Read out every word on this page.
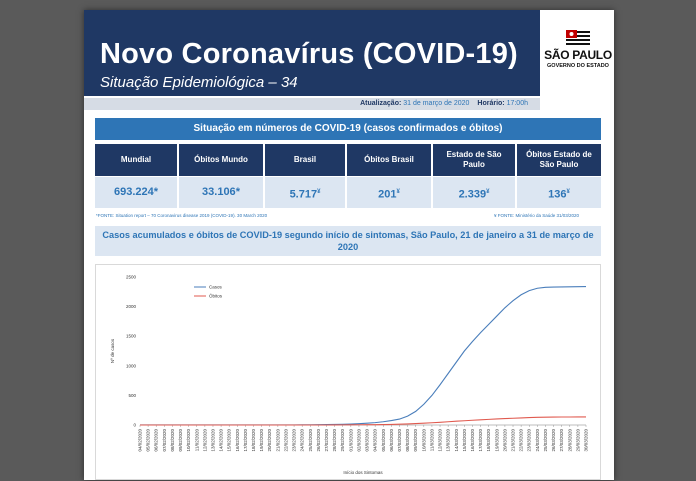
Novo Coronavírus (COVID-19)
Situação Epidemiológica – 34
SÃO PAULO
GOVERNO DO ESTADO
Atualização: 31 de março de 2020 Horário: 17:00h
Situação em números de COVID-19 (casos confirmados e óbitos)
Mundial
693.224*
Óbitos Mundo
33.106*
Brasil
5.717¥
Óbitos Brasil
201¥
Estado de São Paulo
2.339¥
Óbitos Estado de São Paulo
136¥
*FONTE: Situation report – 70 Coronavirus disease 2019 (COVID-19). 30 March 2020	¥ FONTE: Ministério da Saúde 31/03/2020
Casos acumulados e óbitos de COVID-19 segundo início de sintomas, São Paulo, 21 de janeiro a 31 de março de 2020
0
500
1000
1500
2000
2500
Nº de casos
04/02/2020 05/02/2020 06/02/2020 07/02/2020 08/02/2020 09/02/2020 10/02/2020 11/02/2020 12/02/2020 13/02/2020 14/02/2020 15/02/2020 16/02/2020 17/02/2020 18/02/2020 19/02/2020 20/02/2020 21/02/2020 22/02/2020 23/02/2020 24/02/2020 25/02/2020 26/02/2020 27/02/2020 28/02/2020 29/02/2020 01/03/2020 02/03/2020 03/03/2020 04/03/2020 05/03/2020 06/03/2020 07/03/2020 08/03/2020 09/03/2020 10/03/2020 11/03/2020 12/03/2020 13/03/2020 14/03/2020 15/03/2020 16/03/2020 17/03/2020 18/03/2020 19/03/2020 20/03/2020 21/03/2020 22/03/2020 23/03/2020 24/03/2020 25/03/2020 26/03/2020 27/03/2020 28/03/2020 29/03/2020 30/03/2020
Início dos Sintomas
Casos
Óbitos
